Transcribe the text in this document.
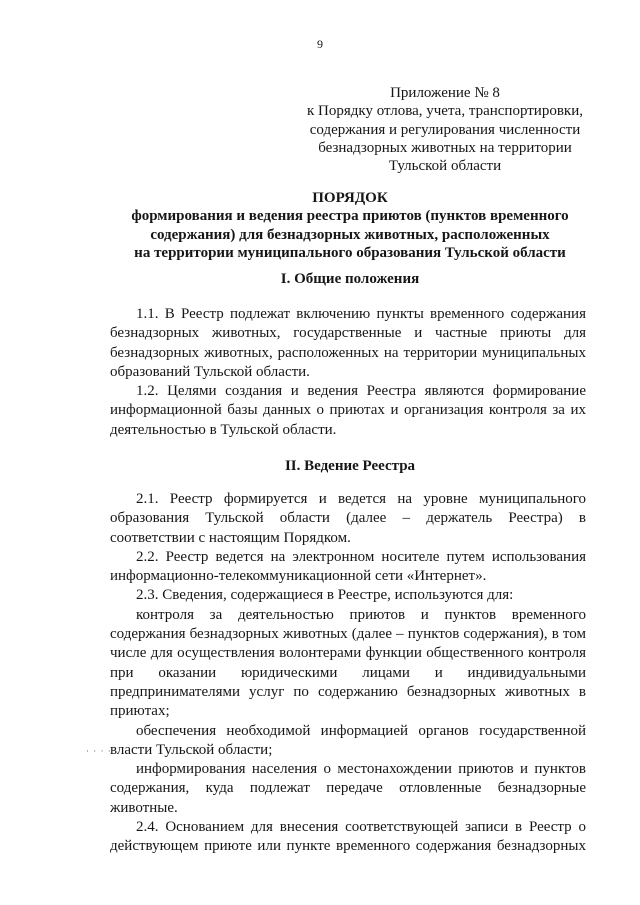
9
Приложение № 8
к Порядку отлова, учета, транспортировки,
содержания и регулирования численности
безнадзорных животных на территории
Тульской области
ПОРЯДОК
формирования и ведения реестра приютов (пунктов временного
содержания) для безнадзорных животных, расположенных
на территории муниципального образования Тульской области
I. Общие положения

1.1. В Реестр подлежат включению пункты временного содержания безнадзорных животных, государственные и частные приюты для безнадзорных животных, расположенных на территории муниципальных образований Тульской области.

1.2. Целями создания и ведения Реестра являются формирование информационной базы данных о приютах и организация контроля за их деятельностью в Тульской области.

II. Ведение Реестра

2.1. Реестр формируется и ведется на уровне муниципального образования Тульской области (далее – держатель Реестра) в соответствии с настоящим Порядком.

2.2. Реестр ведется на электронном носителе путем использования информационно-телекоммуникационной сети «Интернет».

2.3. Сведения, содержащиеся в Реестре, используются для:

контроля за деятельностью приютов и пунктов временного содержания безнадзорных животных (далее – пунктов содержания), в том числе для осуществления волонтерами функции общественного контроля при оказании юридическими лицами и индивидуальными предпринимателями услуг по содержанию безнадзорных животных в приютах;

обеспечения необходимой информацией органов государственной власти Тульской области;

информирования населения о местонахождении приютов и пунктов содержания, куда подлежат передаче отловленные безнадзорные животные.

2.4. Основанием для внесения соответствующей записи в Реестр о действующем приюте или пункте временного содержания безнадзорных

· · · ·
